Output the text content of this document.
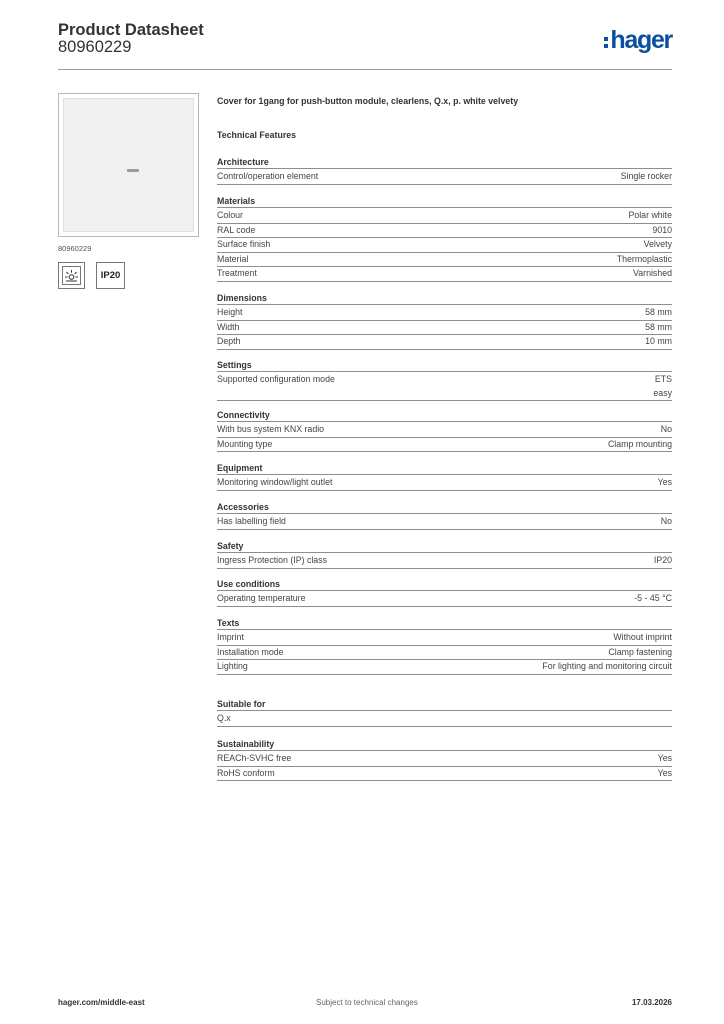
Product Datasheet
80960229	hager
80960229
IP20
Cover for 1gang for push-button module, clearlens, Q.x, p. white velvety
Technical Features
Architecture
Control/operation element	Single rocker
Materials
Colour	Polar white
RAL code	9010
Surface finish	Velvety
Material	Thermoplastic
Treatment	Varnished
Dimensions
Height	58 mm
Width	58 mm
Depth	10 mm
Settings
Supported configuration mode	ETS
easy
Connectivity
With bus system KNX radio	No
Mounting type	Clamp mounting
Equipment
Monitoring window/light outlet	Yes
Accessories
Has labelling field	No
Safety
Ingress Protection (IP) class	IP20
Use conditions
Operating temperature	-5 - 45 °C
Texts
Imprint	Without imprint
Installation mode	Clamp fastening
Lighting	For lighting and monitoring circuit
Suitable for
Q.x
Sustainability
REACh-SVHC free	Yes
RoHS conform	Yes
hager.com/middle-east	Subject to technical changes	17.03.2026
